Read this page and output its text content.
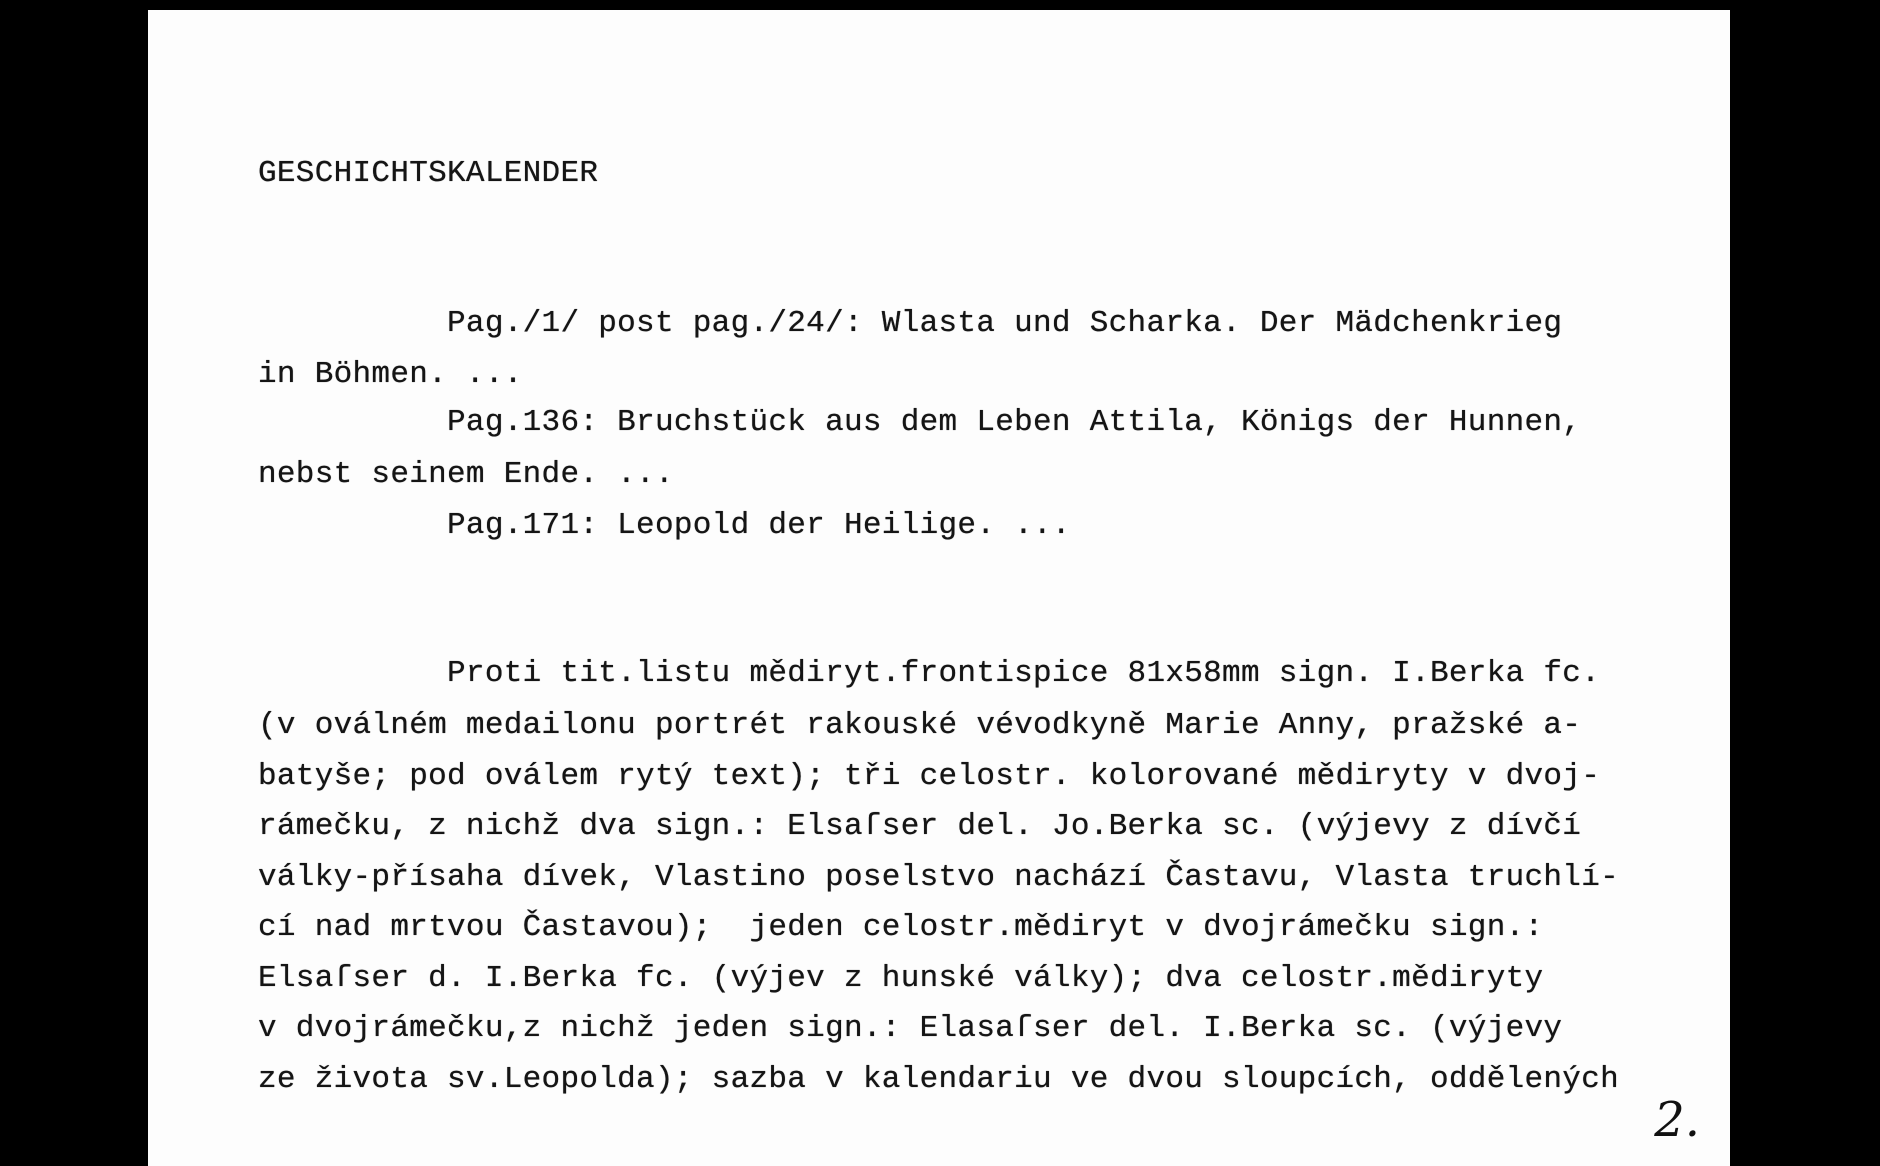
GESCHICHTSKALENDER

Pag./1/ post pag./24/: Wlasta und Scharka. Der Mädchenkrieg

in Böhmen. ...

Pag.136: Bruchstück aus dem Leben Attila, Königs der Hunnen,

nebst seinem Ende. ...

Pag.171: Leopold der Heilige. ...

Proti tit.listu mědiryt.frontispice 81x58mm sign. I.Berka fc.

(v oválném medailonu portrét rakouské vévodkyně Marie Anny, pražské a-

batyše; pod oválem rytý text); tři celostr. kolorované mědiryty v dvoj-

rámečku, z nichž dva sign.: Elsaſser del. Jo.Berka sc. (výjevy z dívčí

války-přísaha dívek, Vlastino poselstvo nachází Častavu, Vlasta truchlí-

cí nad mrtvou Častavou);  jeden celostr.mědiryt v dvojrámečku sign.:

Elsaſser d. I.Berka fc. (výjev z hunské války); dva celostr.mědiryty

v dvojrámečku,z nichž jeden sign.: Elasaſser del. I.Berka sc. (výjevy

ze života sv.Leopolda); sazba v kalendariu ve dvou sloupcích, oddělených

2.
